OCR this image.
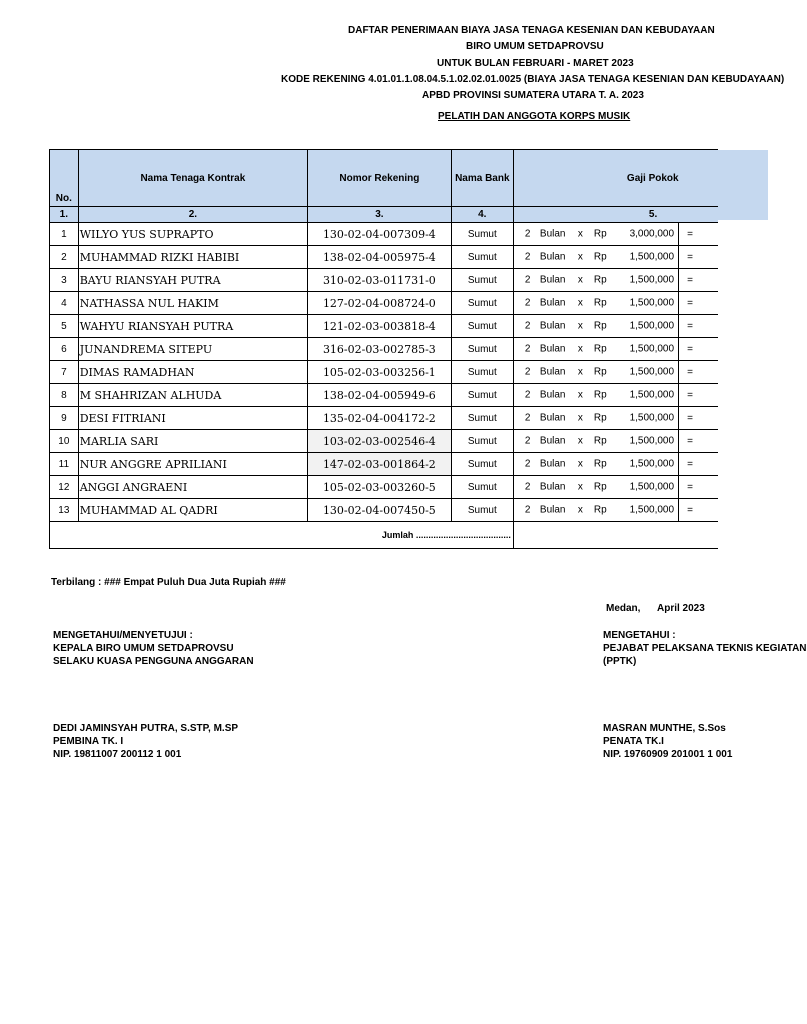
DAFTAR PENERIMAAN BIAYA JASA TENAGA KESENIAN DAN KEBUDAYAAN
BIRO UMUM SETDAPROVSU
UNTUK BULAN FEBRUARI - MARET 2023
KODE REKENING 4.01.01.1.08.04.5.1.02.02.01.0025 (BIAYA JASA TENAGA KESENIAN DAN KEBUDAYAAN)
APBD PROVINSI SUMATERA UTARA T. A. 2023
PELATIH DAN ANGGOTA KORPS MUSIK
No.	Nama Tenaga Kontrak	Nomor Rekening	Nama Bank	Gaji Pokok	
1.	2.	3.	4.	5.	
1	WILYO YUS SUPRAPTO	130-02-04-007309-4	Sumut	2 Bulan x Rp 3,000,000	=
2	MUHAMMAD RIZKI HABIBI	138-02-04-005975-4	Sumut	2 Bulan x Rp 1,500,000	=
3	BAYU RIANSYAH PUTRA	310-02-03-011731-0	Sumut	2 Bulan x Rp 1,500,000	=
4	NATHASSA NUL HAKIM	127-02-04-008724-0	Sumut	2 Bulan x Rp 1,500,000	=
5	WAHYU RIANSYAH PUTRA	121-02-03-003818-4	Sumut	2 Bulan x Rp 1,500,000	=
6	JUNANDREMA SITEPU	316-02-03-002785-3	Sumut	2 Bulan x Rp 1,500,000	=
7	DIMAS RAMADHAN	105-02-03-003256-1	Sumut	2 Bulan x Rp 1,500,000	=
8	M SHAHRIZAN ALHUDA	138-02-04-005949-6	Sumut	2 Bulan x Rp 1,500,000	=
9	DESI FITRIANI	135-02-04-004172-2	Sumut	2 Bulan x Rp 1,500,000	=
10	MARLIA SARI	103-02-03-002546-4	Sumut	2 Bulan x Rp 1,500,000	=
11	NUR ANGGRE APRILIANI	147-02-03-001864-2	Sumut	2 Bulan x Rp 1,500,000	=
12	ANGGI ANGRAENI	105-02-03-003260-5	Sumut	2 Bulan x Rp 1,500,000	=
13	MUHAMMAD AL QADRI	130-02-04-007450-5	Sumut	2 Bulan x Rp 1,500,000	=
Jumlah ......................................					
Terbilang : ### Empat Puluh Dua Juta Rupiah ###
Medan, April 2023
MENGETAHUI/MENYETUJUI :
KEPALA BIRO UMUM SETDAPROVSU
SELAKU KUASA PENGGUNA ANGGARAN
DEDI JAMINSYAH PUTRA, S.STP, M.SP
PEMBINA TK. I
NIP. 19811007 200112 1 001
MENGETAHUI :
PEJABAT PELAKSANA TEKNIS KEGIATAN
(PPTK)
MASRAN MUNTHE, S.Sos
PENATA TK.I
NIP. 19760909 201001 1 001
